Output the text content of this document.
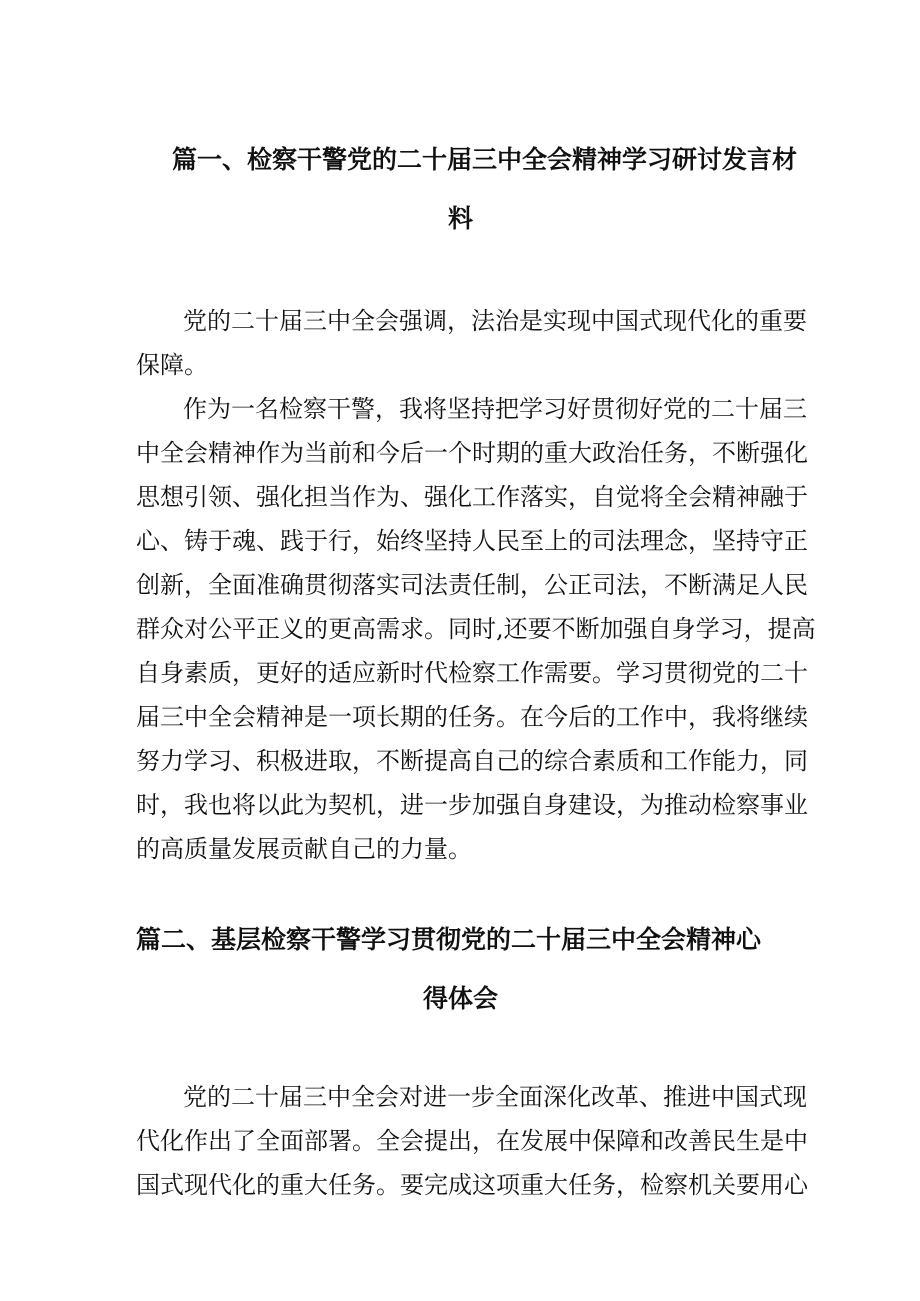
篇一、检察干警党的二十届三中全会精神学习研讨发言材
料
党的二十届三中全会强调，法治是实现中国式现代化的重要
保障。
作为一名检察干警，我将坚持把学习好贯彻好党的二十届三
中全会精神作为当前和今后一个时期的重大政治任务，不断强化
思想引领、强化担当作为、强化工作落实，自觉将全会精神融于
心、铸于魂、践于行，始终坚持人民至上的司法理念，坚持守正
创新，全面准确贯彻落实司法责任制，公正司法，不断满足人民
群众对公平正义的更高需求。同时,还要不断加强自身学习，提高
自身素质，更好的适应新时代检察工作需要。学习贯彻党的二十
届三中全会精神是一项长期的任务。在今后的工作中，我将继续
努力学习、积极进取，不断提高自己的综合素质和工作能力，同
时，我也将以此为契机，进一步加强自身建设，为推动检察事业
的高质量发展贡献自己的力量。
篇二、基层检察干警学习贯彻党的二十届三中全会精神心
得体会
党的二十届三中全会对进一步全面深化改革、推进中国式现
代化作出了全面部署。全会提出，在发展中保障和改善民生是中
国式现代化的重大任务。要完成这项重大任务，检察机关要用心
